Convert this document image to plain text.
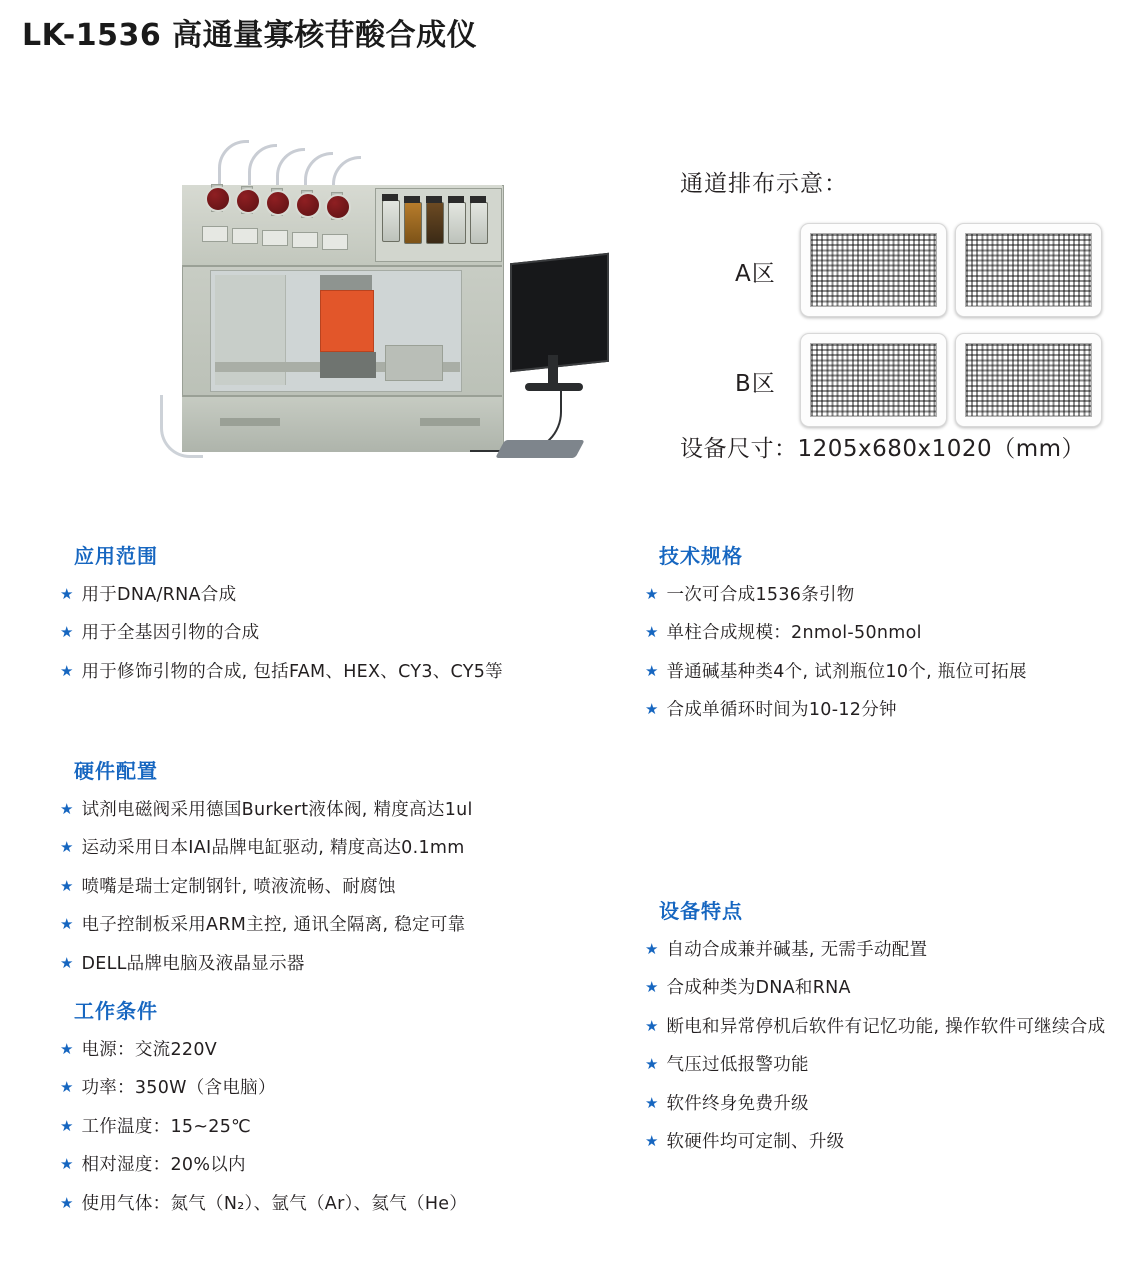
LK-1536 高通量寡核苷酸合成仪
通道排布示意：
A区
B区
设备尺寸：1205x680x1020（mm）
应用范围
★ 用于DNA/RNA合成
★ 用于全基因引物的合成
★ 用于修饰引物的合成, 包括FAM、HEX、CY3、CY5等
硬件配置
★ 试剂电磁阀采用德国Burkert液体阀, 精度高达1ul
★ 运动采用日本IAI品牌电缸驱动, 精度高达0.1mm
★ 喷嘴是瑞士定制钢针, 喷液流畅、耐腐蚀
★ 电子控制板采用ARM主控, 通讯全隔离, 稳定可靠
★ DELL品牌电脑及液晶显示器
工作条件
★ 电源：交流220V
★ 功率：350W（含电脑）
★ 工作温度：15~25℃
★ 相对湿度：20%以内
★ 使用气体：氮气（N₂）、氩气（Ar）、氦气（He）
技术规格
★ 一次可合成1536条引物
★ 单柱合成规模：2nmol-50nmol
★ 普通碱基种类4个, 试剂瓶位10个, 瓶位可拓展
★ 合成单循环时间为10-12分钟
设备特点
★ 自动合成兼并碱基, 无需手动配置
★ 合成种类为DNA和RNA
★ 断电和异常停机后软件有记忆功能, 操作软件可继续合成
★ 气压过低报警功能
★ 软件终身免费升级
★ 软硬件均可定制、升级
